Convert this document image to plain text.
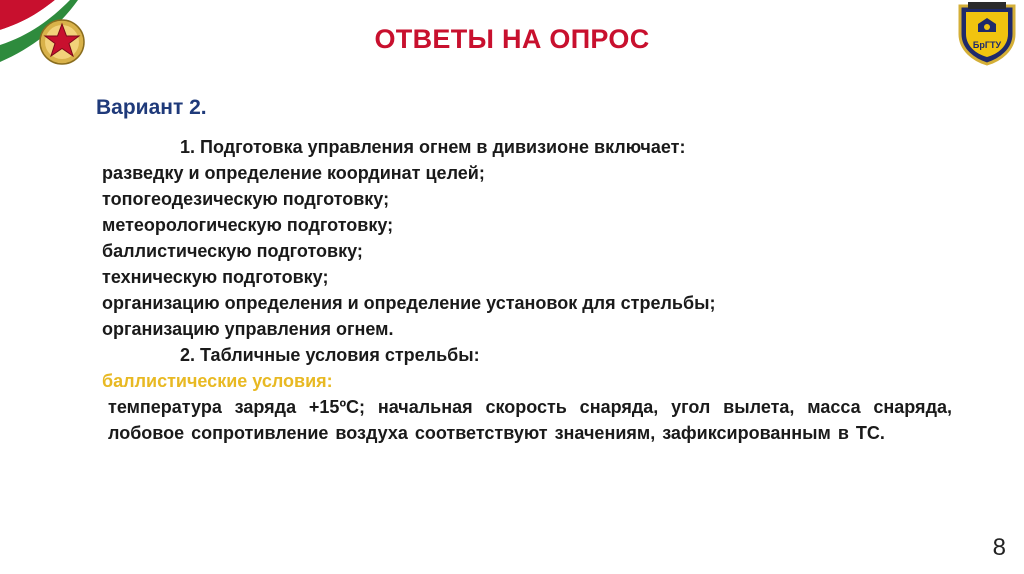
БрГТУ
ОТВЕТЫ НА ОПРОС
Вариант 2.

1. Подготовка управления огнем в дивизионе включает:

разведку и определение координат целей;

топогеодезическую подготовку;

метеорологическую подготовку;

баллистическую подготовку;

техническую подготовку;

организацию определения и определение установок для стрельбы;

организацию управления огнем.

2. Табличные условия стрельбы:

баллистические условия:

температура заряда +15ºС; начальная скорость снаряда, угол вылета, масса снаряда, лобовое сопротивление воздуха соответствуют значениям, зафиксированным в ТС.

8
